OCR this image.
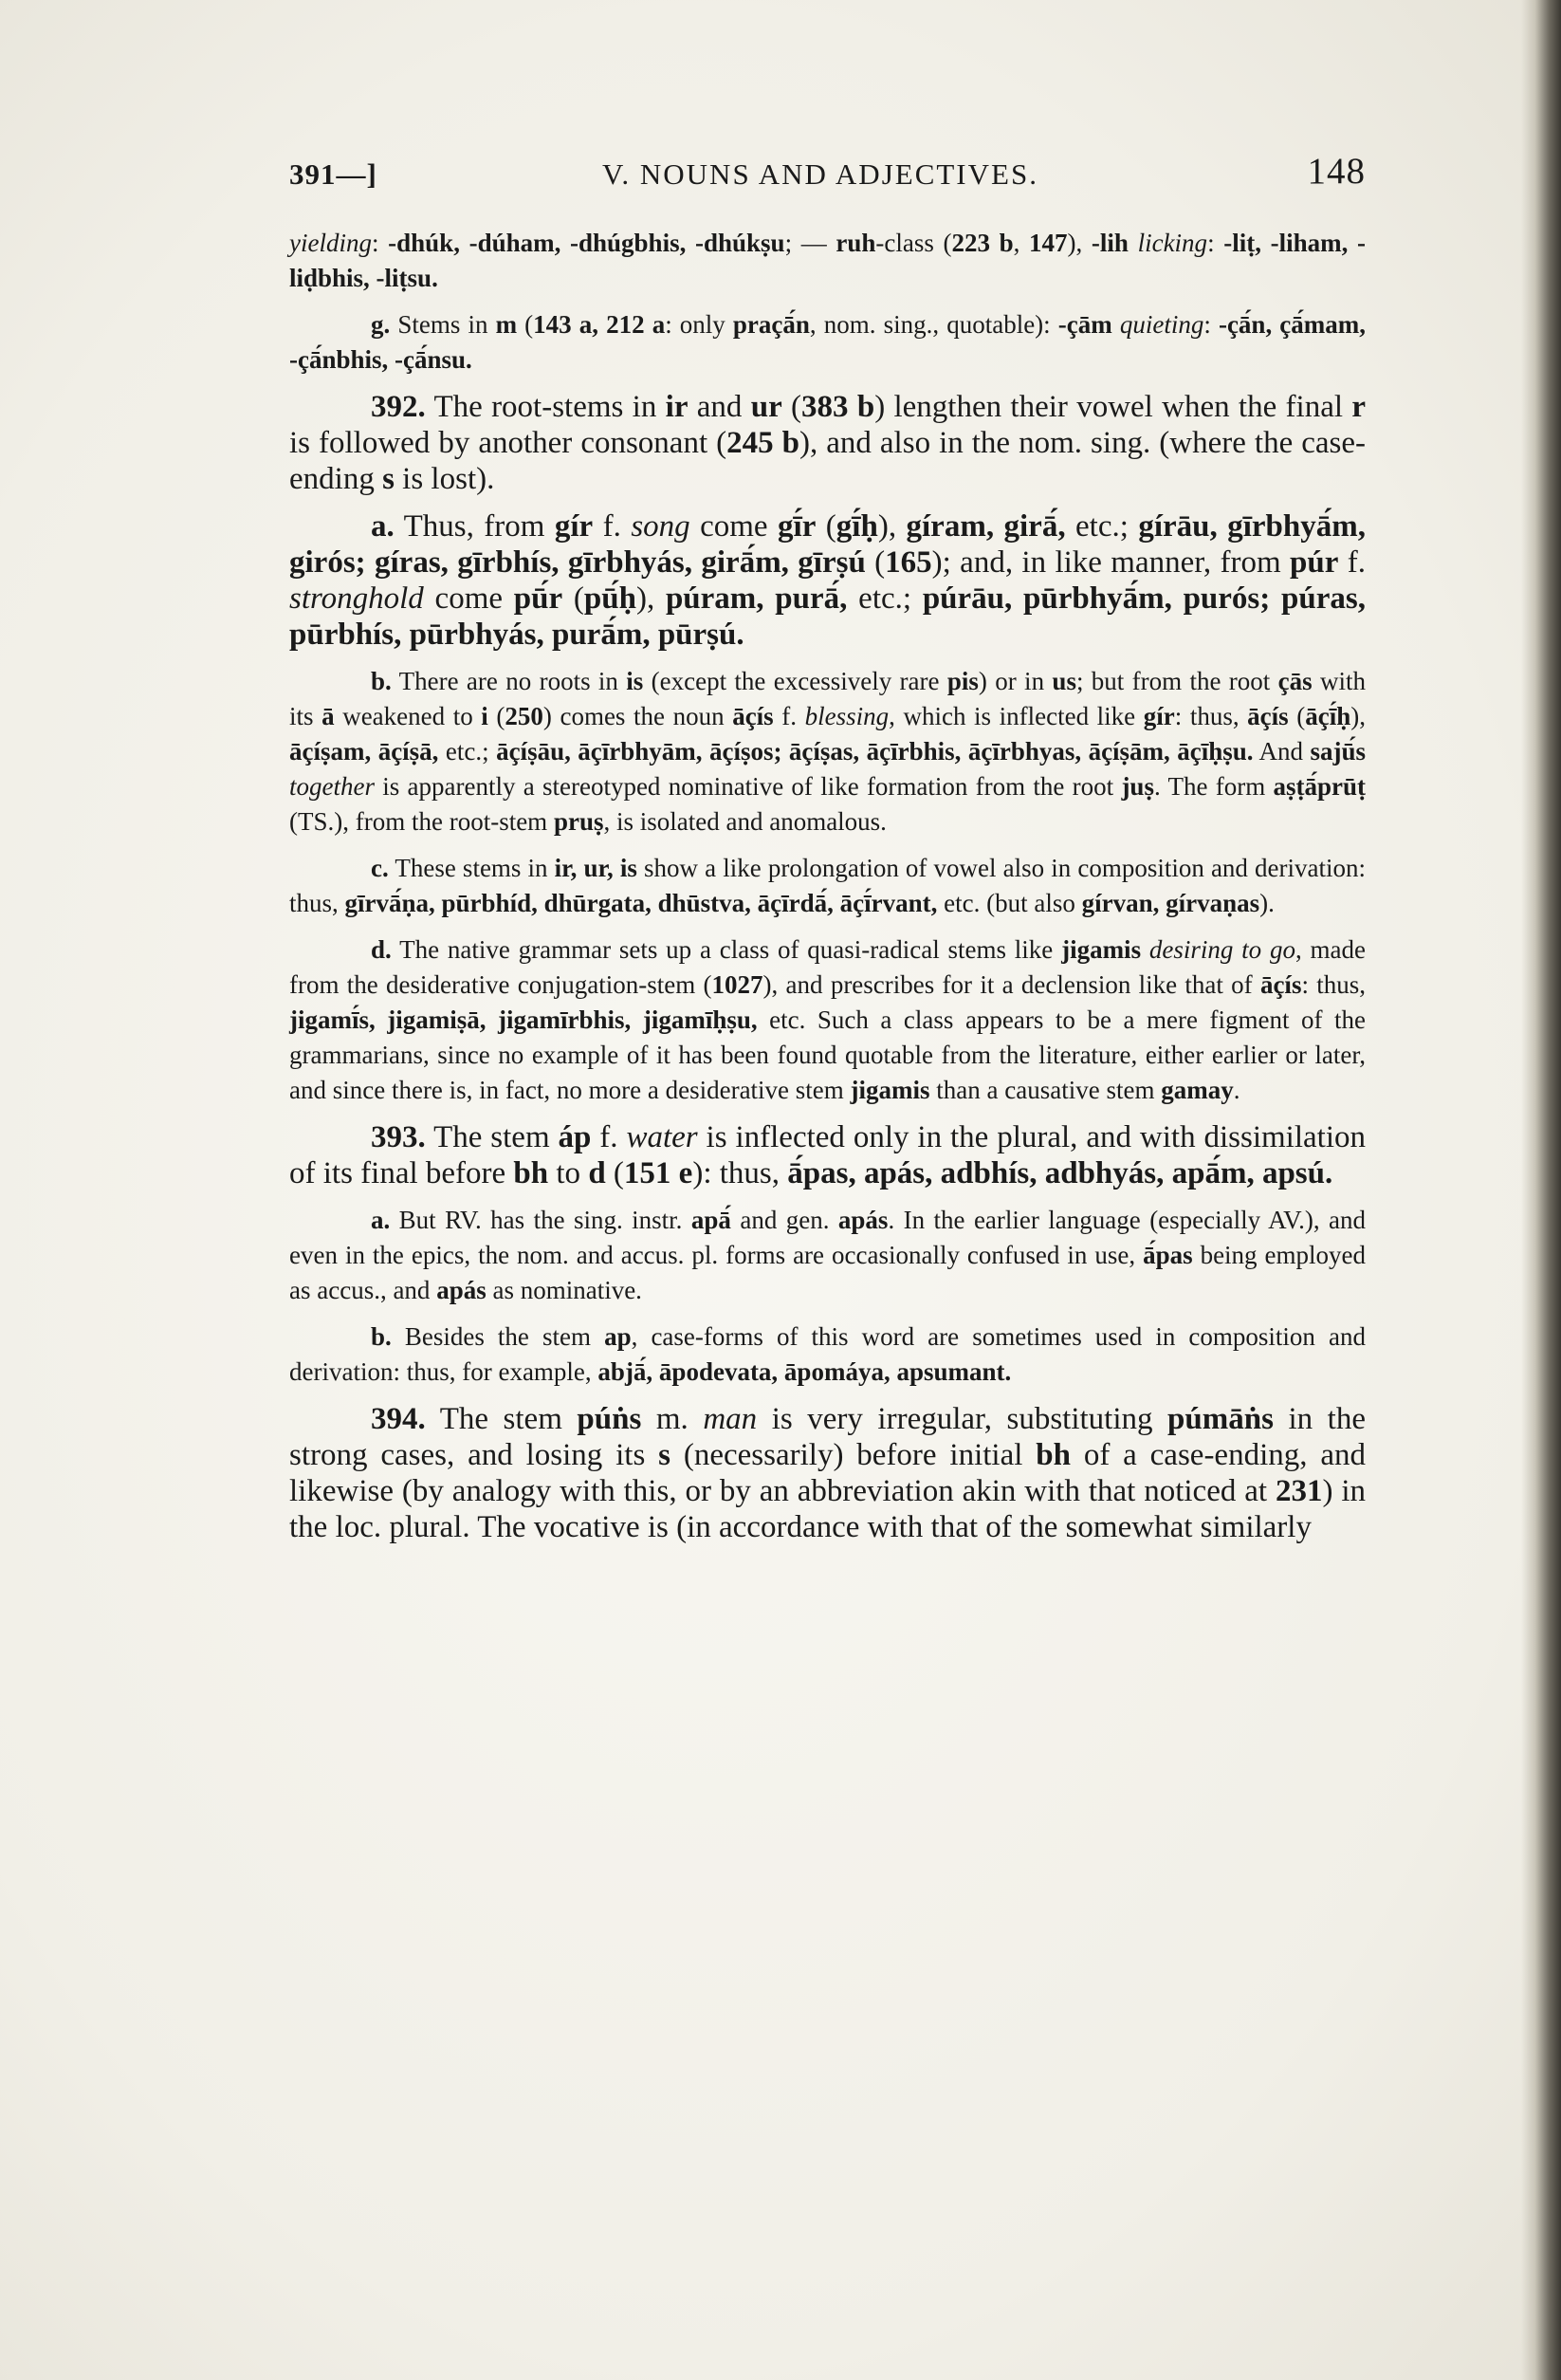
391—]	V. NOUNS AND ADJECTIVES.	148

yielding: -dhúk, -dúham, -dhúgbhis, -dhúkṣu; — ruh-class (223 b, 147), -lih licking: -liṭ, -liham, -liḍbhis, -liṭsu.

g. Stems in m (143 a, 212 a: only praçā́n, nom. sing., quotable): -çām quieting: -çā́n, çā́mam, -çā́nbhis, -çā́nsu.

392. The root-stems in ir and ur (383 b) lengthen their vowel when the final r is followed by another consonant (245 b), and also in the nom. sing. (where the case-ending s is lost).

a. Thus, from gír f. song come gī́r (gī́ḥ), gíram, girā́, etc.; gírāu, gīrbhyā́m, girós; gíras, gīrbhís, gīrbhyás, girā́m, gīrṣú (165); and, in like manner, from púr f. stronghold come pū́r (pū́ḥ), púram, purā́, etc.; púrāu, pūrbhyā́m, purós; púras, pūrbhís, pūrbhyás, purā́m, pūrṣú.

b. There are no roots in is (except the excessively rare pis) or in us; but from the root çās with its ā weakened to i (250) comes the noun āçís f. blessing, which is inflected like gír: thus, āçís (āçī́ḥ), āçíṣam, āçíṣā, etc.; āçíṣāu, āçīrbhyām, āçíṣos; āçíṣas, āçīrbhis, āçīrbhyas, āçíṣām, āçīḥṣu. And sajū́s together is apparently a stereotyped nominative of like formation from the root juṣ. The form aṣṭā́prūṭ (TS.), from the root-stem pruṣ, is isolated and anomalous.

c. These stems in ir, ur, is show a like prolongation of vowel also in composition and derivation: thus, gīrvā́ṇa, pūrbhíd, dhūrgata, dhūstva, āçīrdā́, āçī́rvant, etc. (but also gírvan, gírvaṇas).

d. The native grammar sets up a class of quasi-radical stems like jigamis desiring to go, made from the desiderative conjugation-stem (1027), and prescribes for it a declension like that of āçís: thus, jigamī́s, jigamiṣā, jigamīrbhis, jigamīḥṣu, etc. Such a class appears to be a mere figment of the grammarians, since no example of it has been found quotable from the literature, either earlier or later, and since there is, in fact, no more a desiderative stem jigamis than a causative stem gamay.

393. The stem áp f. water is inflected only in the plural, and with dissimilation of its final before bh to d (151 e): thus, ā́pas, apás, adbhís, adbhyás, apā́m, apsú.

a. But RV. has the sing. instr. apā́ and gen. apás. In the earlier language (especially AV.), and even in the epics, the nom. and accus. pl. forms are occasionally confused in use, ā́pas being employed as accus., and apás as nominative.

b. Besides the stem ap, case-forms of this word are sometimes used in composition and derivation: thus, for example, abjā́, āpodevata, āpomáya, apsumant.

394. The stem púṅs m. man is very irregular, substituting púmāṅs in the strong cases, and losing its s (necessarily) before initial bh of a case-ending, and likewise (by analogy with this, or by an abbreviation akin with that noticed at 231) in the loc. plural. The vocative is (in accordance with that of the somewhat similarly
